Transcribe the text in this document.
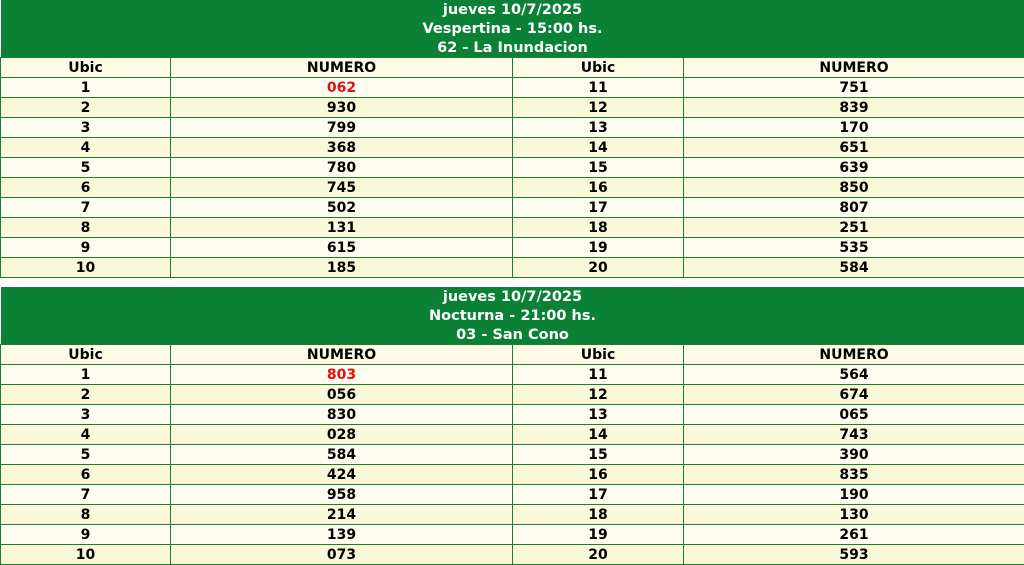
jueves 10/7/2025			
Vespertina - 15:00 hs.			
62 - La Inundacion			
Ubic	NUMERO	Ubic	NUMERO
1	062	11	751
2	930	12	839
3	799	13	170
4	368	14	651
5	780	15	639
6	745	16	850
7	502	17	807
8	131	18	251
9	615	19	535
10	185	20	584
jueves 10/7/2025			
Nocturna - 21:00 hs.			
03 - San Cono			
Ubic	NUMERO	Ubic	NUMERO
1	803	11	564
2	056	12	674
3	830	13	065
4	028	14	743
5	584	15	390
6	424	16	835
7	958	17	190
8	214	18	130
9	139	19	261
10	073	20	593
